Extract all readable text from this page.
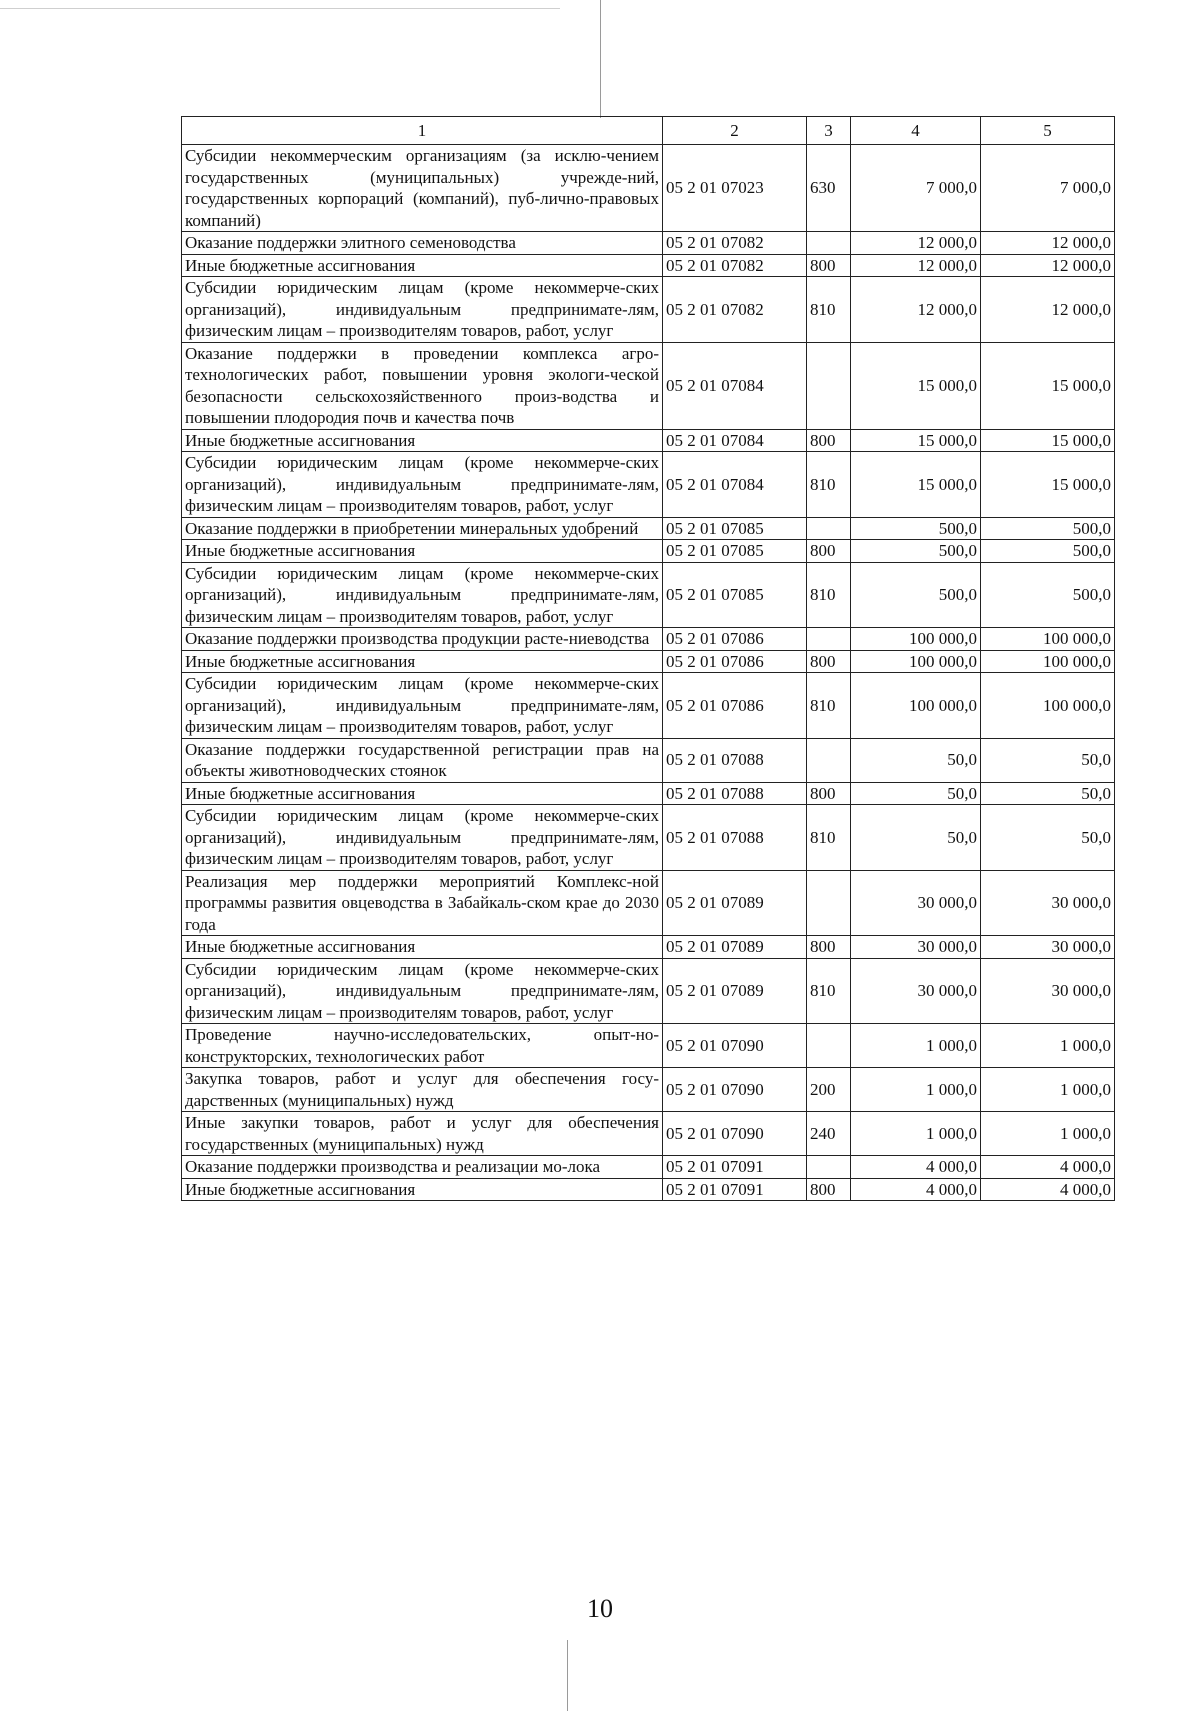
1	2	3	4	5
Субсидии некоммерческим организациям (за исклю-чением государственных (муниципальных) учрежде-ний, государственных корпораций (компаний), пуб-лично-правовых компаний)	05 2 01 07023	630	7 000,0	7 000,0
Оказание поддержки элитного семеноводства	05 2 01 07082		12 000,0	12 000,0
Иные бюджетные ассигнования	05 2 01 07082	800	12 000,0	12 000,0
Субсидии юридическим лицам (кроме некоммерче-ских организаций), индивидуальным предпринимате-лям, физическим лицам – производителям товаров, работ, услуг	05 2 01 07082	810	12 000,0	12 000,0
Оказание поддержки в проведении комплекса агро-технологических работ, повышении уровня экологи-ческой безопасности сельскохозяйственного произ-водства и повышении плодородия почв и качества почв	05 2 01 07084		15 000,0	15 000,0
Иные бюджетные ассигнования	05 2 01 07084	800	15 000,0	15 000,0
Субсидии юридическим лицам (кроме некоммерче-ских организаций), индивидуальным предпринимате-лям, физическим лицам – производителям товаров, работ, услуг	05 2 01 07084	810	15 000,0	15 000,0
Оказание поддержки в приобретении минеральных удобрений	05 2 01 07085		500,0	500,0
Иные бюджетные ассигнования	05 2 01 07085	800	500,0	500,0
Субсидии юридическим лицам (кроме некоммерче-ских организаций), индивидуальным предпринимате-лям, физическим лицам – производителям товаров, работ, услуг	05 2 01 07085	810	500,0	500,0
Оказание поддержки производства продукции расте-ниеводства	05 2 01 07086		100 000,0	100 000,0
Иные бюджетные ассигнования	05 2 01 07086	800	100 000,0	100 000,0
Субсидии юридическим лицам (кроме некоммерче-ских организаций), индивидуальным предпринимате-лям, физическим лицам – производителям товаров, работ, услуг	05 2 01 07086	810	100 000,0	100 000,0
Оказание поддержки государственной регистрации прав на объекты животноводческих стоянок	05 2 01 07088		50,0	50,0
Иные бюджетные ассигнования	05 2 01 07088	800	50,0	50,0
Субсидии юридическим лицам (кроме некоммерче-ских организаций), индивидуальным предпринимате-лям, физическим лицам – производителям товаров, работ, услуг	05 2 01 07088	810	50,0	50,0
Реализация мер поддержки мероприятий Комплекс-ной программы развития овцеводства в Забайкаль-ском крае до 2030 года	05 2 01 07089		30 000,0	30 000,0
Иные бюджетные ассигнования	05 2 01 07089	800	30 000,0	30 000,0
Субсидии юридическим лицам (кроме некоммерче-ских организаций), индивидуальным предпринимате-лям, физическим лицам – производителям товаров, работ, услуг	05 2 01 07089	810	30 000,0	30 000,0
Проведение научно-исследовательских, опыт-но-конструкторских, технологических работ	05 2 01 07090		1 000,0	1 000,0
Закупка товаров, работ и услуг для обеспечения госу-дарственных (муниципальных) нужд	05 2 01 07090	200	1 000,0	1 000,0
Иные закупки товаров, работ и услуг для обеспечения государственных (муниципальных) нужд	05 2 01 07090	240	1 000,0	1 000,0
Оказание поддержки производства и реализации мо-лока	05 2 01 07091		4 000,0	4 000,0
Иные бюджетные ассигнования	05 2 01 07091	800	4 000,0	4 000,0
10
